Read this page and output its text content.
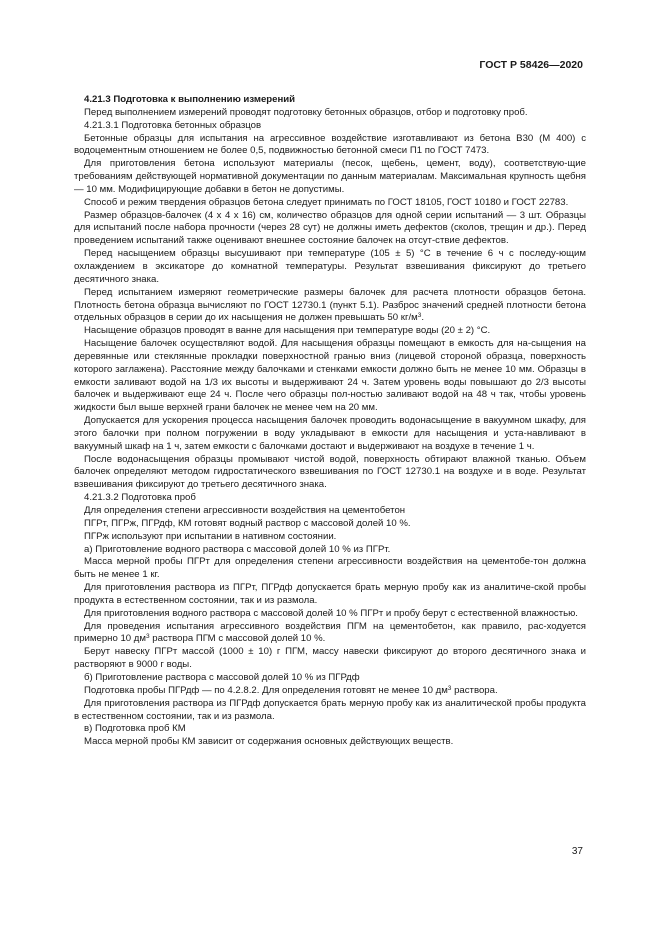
ГОСТ Р 58426—2020

4.21.3 Подготовка к выполнению измерений

Перед выполнением измерений проводят подготовку бетонных образцов, отбор и подготовку проб.

4.21.3.1 Подготовка бетонных образцов

Бетонные образцы для испытания на агрессивное воздействие изготавливают из бетона В30 (М 400) с водоцементным отношением не более 0,5, подвижностью бетонной смеси П1 по ГОСТ 7473.

Для приготовления бетона используют материалы (песок, щебень, цемент, воду), соответствую-щие требованиям действующей нормативной документации по данным материалам. Максимальная крупность щебня — 10 мм. Модифицирующие добавки в бетон не допустимы.

Способ и режим твердения образцов бетона следует принимать по ГОСТ 18105, ГОСТ 10180 и ГОСТ 22783.

Размер образцов-балочек (4 x 4 x 16) см, количество образцов для одной серии испытаний — 3 шт. Образцы для испытаний после набора прочности (через 28 сут) не должны иметь дефектов (сколов, трещин и др.). Перед проведением испытаний также оценивают внешнее состояние балочек на отсут-ствие дефектов.

Перед насыщением образцы высушивают при температуре (105 ± 5) °С в течение 6 ч с последу-ющим охлаждением в эксикаторе до комнатной температуры. Результат взвешивания фиксируют до третьего десятичного знака.

Перед испытанием измеряют геометрические размеры балочек для расчета плотности образцов бетона. Плотность бетона образца вычисляют по ГОСТ 12730.1 (пункт 5.1). Разброс значений средней плотности бетона отдельных образцов в серии до их насыщения не должен превышать 50 $кг/м^3$.

Насыщение образцов проводят в ванне для насыщения при температуре воды (20 ± 2) °С.

Насыщение балочек осуществляют водой. Для насыщения образцы помещают в емкость для на-сыщения на деревянные или стеклянные прокладки поверхностной гранью вниз (лицевой стороной образца, поверхность которого заглажена). Расстояние между балочками и стенками емкости должно быть не менее 10 мм. Образцы в емкости заливают водой на 1/3 их высоты и выдерживают 24 ч. Затем уровень воды повышают до 2/3 высоты балочек и выдерживают еще 24 ч. После чего образцы пол-ностью заливают водой на 48 ч так, чтобы уровень жидкости был выше верхней грани балочек не менее чем на 20 мм.

Допускается для ускорения процесса насыщения балочек проводить водонасыщение в вакуумном шкафу, для этого балочки при полном погружении в воду укладывают в емкости для насыщения и уста-навливают в вакуумный шкаф на 1 ч, затем емкости с балочками достают и выдерживают на воздухе в течение 1 ч.

После водонасыщения образцы промывают чистой водой, поверхность обтирают влажной тканью. Объем балочек определяют методом гидростатического взвешивания по ГОСТ 12730.1 на воздухе и в воде. Результат взвешивания фиксируют до третьего десятичного знака.

4.21.3.2 Подготовка проб

Для определения степени агрессивности воздействия на цементобетон

ПГРт, ПГРж, ПГРдф, КМ готовят водный раствор с массовой долей 10 %.

ПГРж используют при испытании в нативном состоянии.

а) Приготовление водного раствора с массовой долей 10 % из ПГРт.

Масса мерной пробы ПГРт для определения степени агрессивности воздействия на цементобе-тон должна быть не менее 1 кг.

Для приготовления раствора из ПГРт, ПГРдф допускается брать мерную пробу как из аналитиче-ской пробы продукта в естественном состоянии, так и из размола.

Для приготовления водного раствора с массовой долей 10 % ПГРт и пробу берут с естественной влажностью.

Для проведения испытания агрессивного воздействия ПГМ на цементобетон, как правило, рас-ходуется примерно 10 $дм^3$ раствора ПГМ с массовой долей 10 %.

Берут навеску ПГРт массой (1000 ± 10) г ПГМ, массу навески фиксируют до второго десятичного знака и растворяют в 9000 г воды.

б) Приготовление раствора с массовой долей 10 % из ПГРдф

Подготовка пробы ПГРдф — по 4.2.8.2. Для определения готовят не менее 10 $дм^3$ раствора.

Для приготовления раствора из ПГРдф допускается брать мерную пробу как из аналитической пробы продукта в естественном состоянии, так и из размола.

в) Подготовка проб КМ

Масса мерной пробы КМ зависит от содержания основных действующих веществ.

37
